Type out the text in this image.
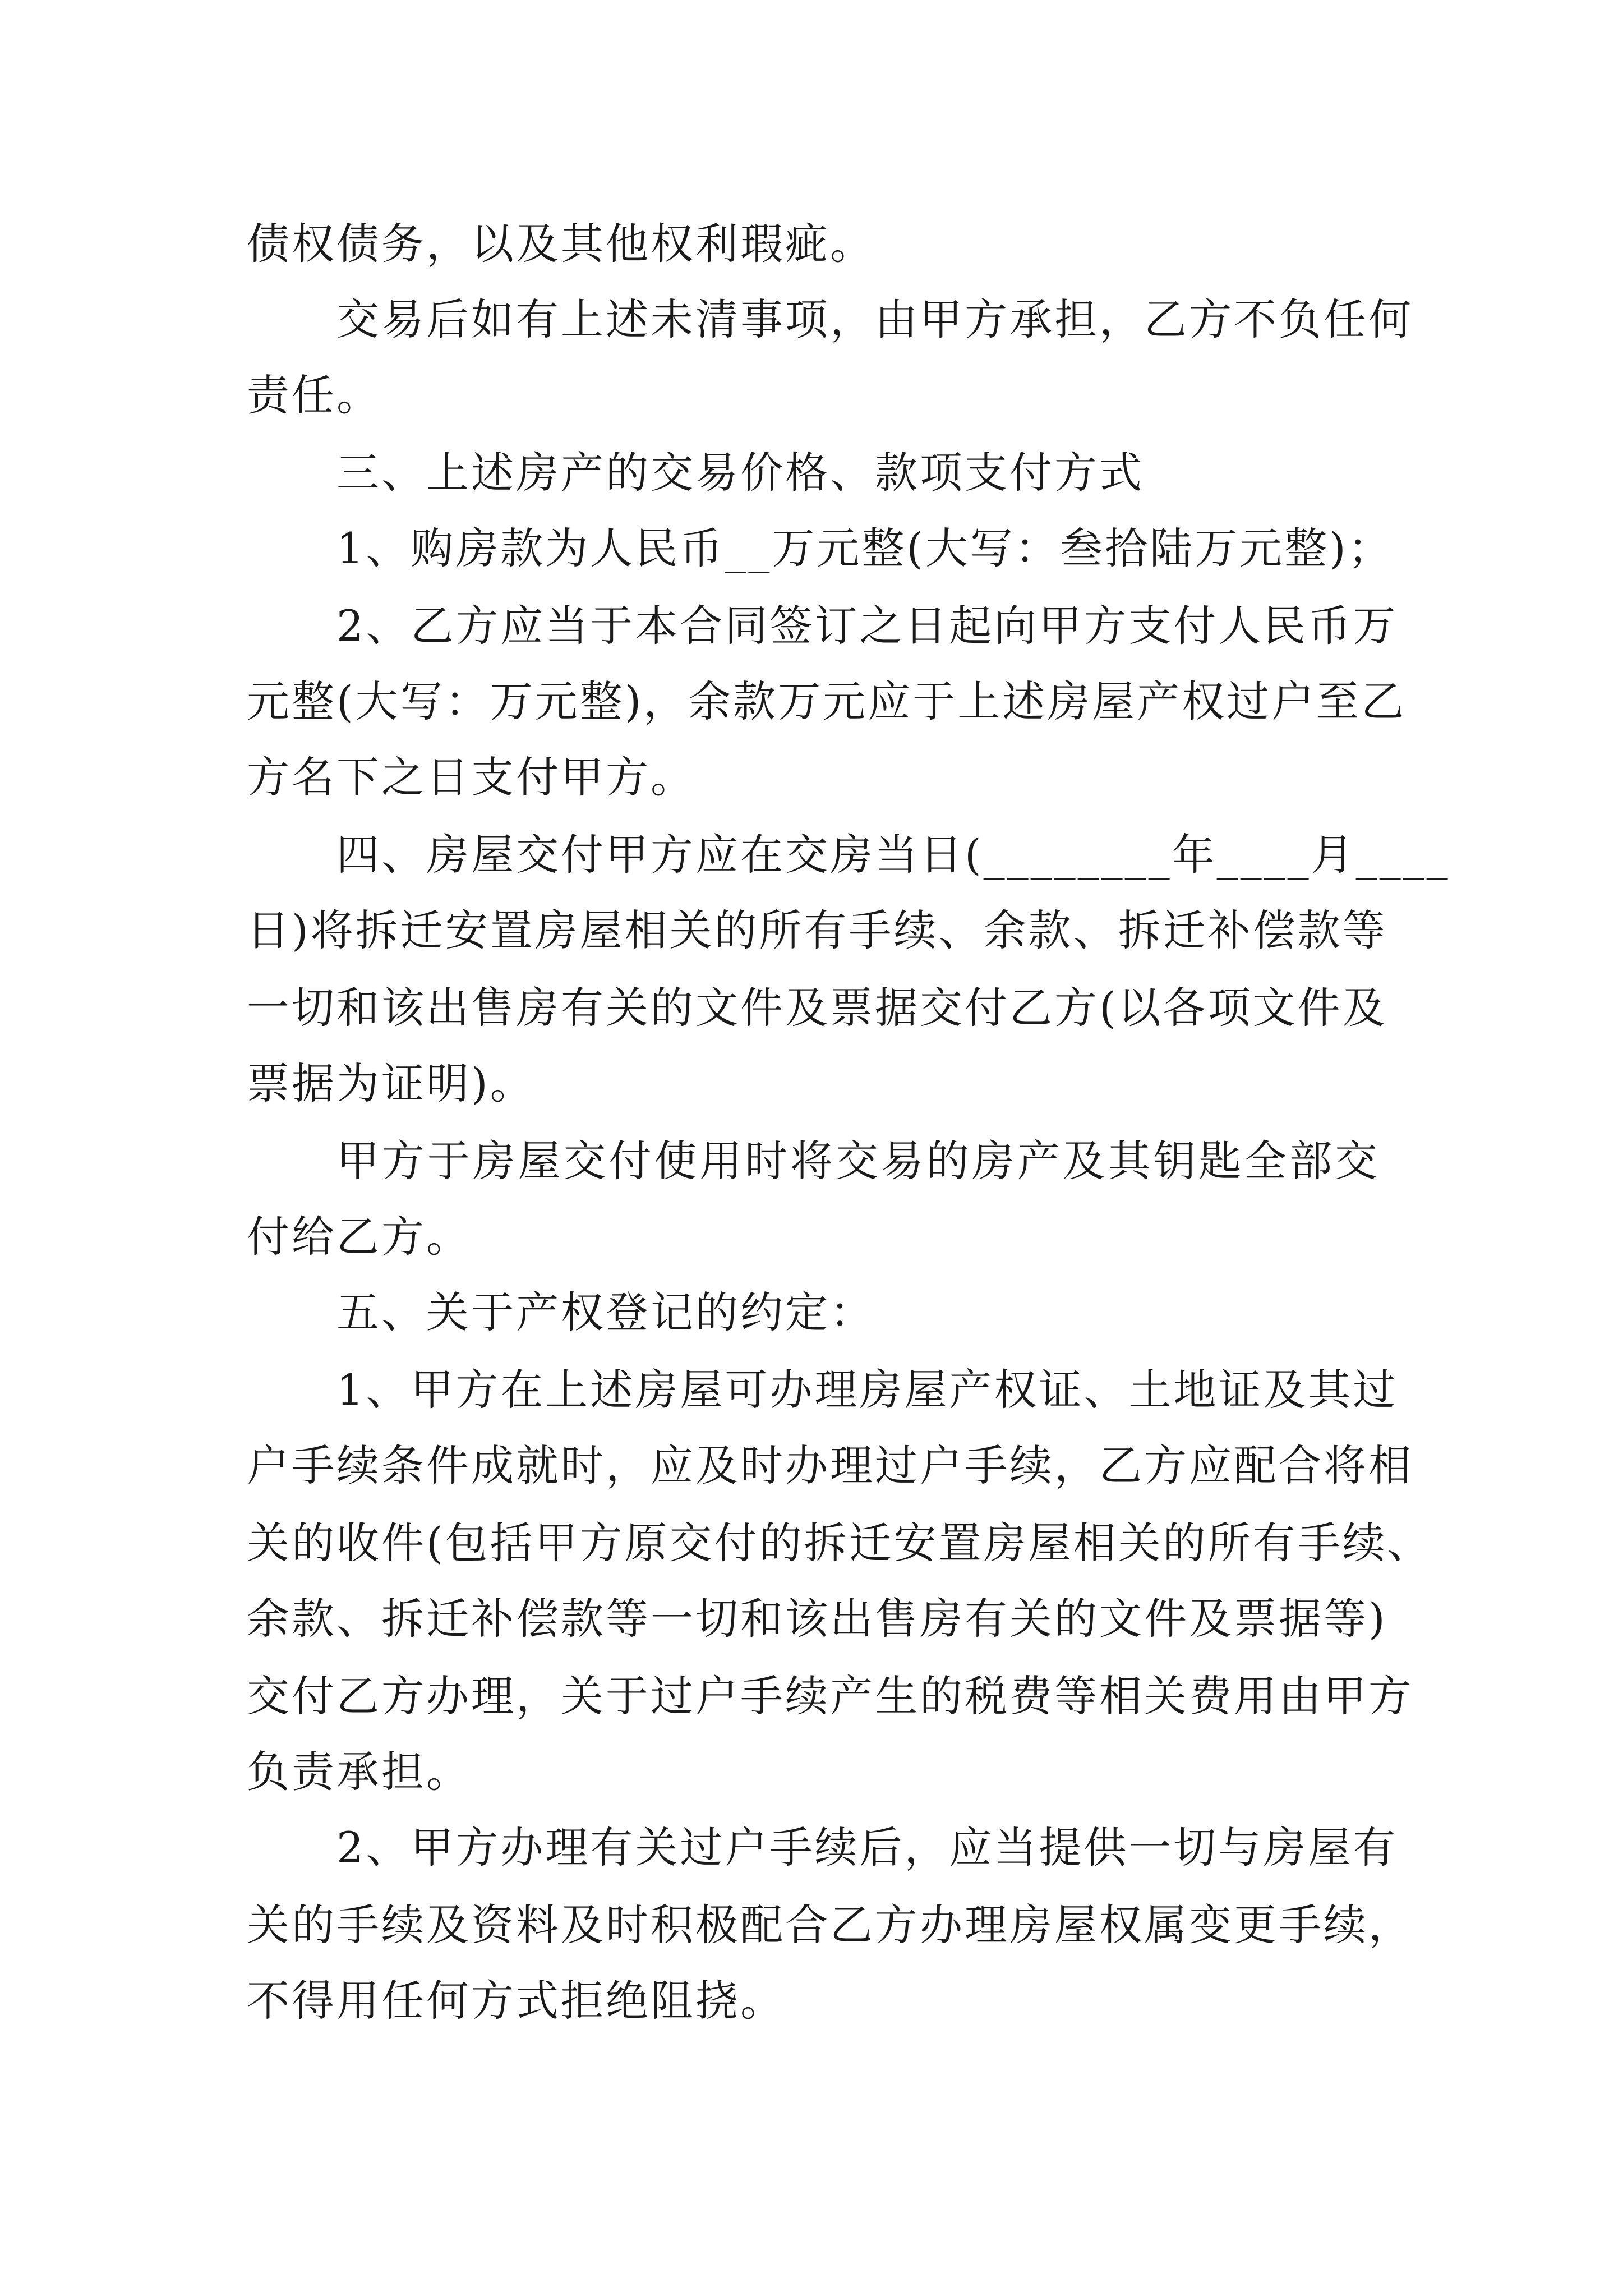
债权债务，以及其他权利瑕疵。

交易后如有上述未清事项，由甲方承担，乙方不负任何

责任。

三、上述房产的交易价格、款项支付方式

1、购房款为人民币__万元整(大写：叁拾陆万元整)；

2、乙方应当于本合同签订之日起向甲方支付人民币万

元整(大写：万元整)，余款万元应于上述房屋产权过户至乙

方名下之日支付甲方。

四、房屋交付甲方应在交房当日(________年____月____

日)将拆迁安置房屋相关的所有手续、余款、拆迁补偿款等

一切和该出售房有关的文件及票据交付乙方(以各项文件及

票据为证明)。

甲方于房屋交付使用时将交易的房产及其钥匙全部交

付给乙方。

五、关于产权登记的约定：

1、甲方在上述房屋可办理房屋产权证、土地证及其过

户手续条件成就时，应及时办理过户手续，乙方应配合将相

关的收件(包括甲方原交付的拆迁安置房屋相关的所有手续、

余款、拆迁补偿款等一切和该出售房有关的文件及票据等)

交付乙方办理，关于过户手续产生的税费等相关费用由甲方

负责承担。

2、甲方办理有关过户手续后，应当提供一切与房屋有

关的手续及资料及时积极配合乙方办理房屋权属变更手续，

不得用任何方式拒绝阻挠。
